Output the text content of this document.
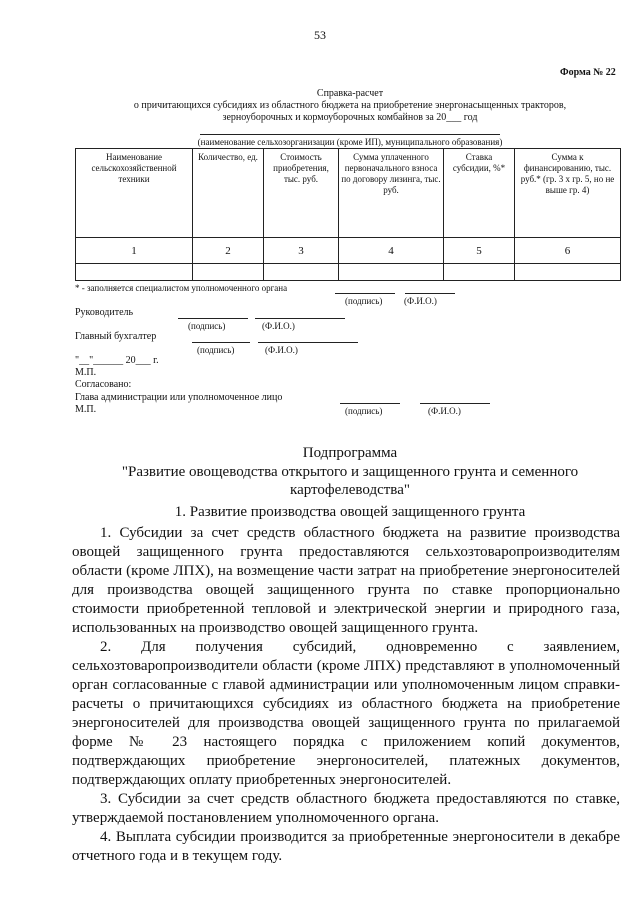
53
Форма № 22
Справка-расчет
о причитающихся субсидиях из областного бюджета на приобретение энергонасыщенных тракторов,
зерноуборочных и кормоуборочных комбайнов за 20___ год
(наименование сельхозорганизации (кроме ИП), муниципального образования)
Наименование сельскохозяйственной техники	Количество, ед.	Стоимость приобретения, тыс. руб.	Сумма уплаченного первоначального взноса по договору лизинга, тыс. руб.	Ставка субсидии, %*	Сумма к финансированию, тыс. руб.* (гр. 3 х гр. 5, но не выше гр. 4)
1	2	3	4	5	6

* - заполняется специалистом уполномоченного органа
(подпись) (Ф.И.О.)
Руководитель
(подпись)	(Ф.И.О.)
Главный бухгалтер
(подпись)	(Ф.И.О.)
"__"______ 20___ г.
М.П.
Согласовано:
Глава администрации или уполномоченное лицо
М.П.	(подпись)	(Ф.И.О.)
Подпрограмма
"Развитие овощеводства открытого и защищенного грунта и семенного
картофелеводства"
1. Развитие производства овощей защищенного грунта

1. Субсидии за счет средств областного бюджета на развитие производства овощей защищенного грунта предоставляются сельхозтоваропроизводителям области (кроме ЛПХ), на возмещение части затрат на приобретение энергоносителей для производства овощей защищенного грунта по ставке пропорционально стоимости приобретенной тепловой и электрической энергии и природного газа, использованных на производство овощей защищенного грунта.

2. Для получения субсидий, одновременно с заявлением, сельхозтоваропроизводители области (кроме ЛПХ) представляют в уполномоченный орган согласованные с главой администрации или уполномоченным лицом справки-расчеты о причитающихся субсидиях из областного бюджета на приобретение энергоносителей для производства овощей защищенного грунта по прилагаемой форме № 23 настоящего порядка с приложением копий документов, подтверждающих приобретение энергоносителей, платежных документов, подтверждающих оплату приобретенных энергоносителей.

3. Субсидии за счет средств областного бюджета предоставляются по ставке, утверждаемой постановлением уполномоченного органа.

4. Выплата субсидии производится за приобретенные энергоносители в декабре отчетного года и в текущем году.
